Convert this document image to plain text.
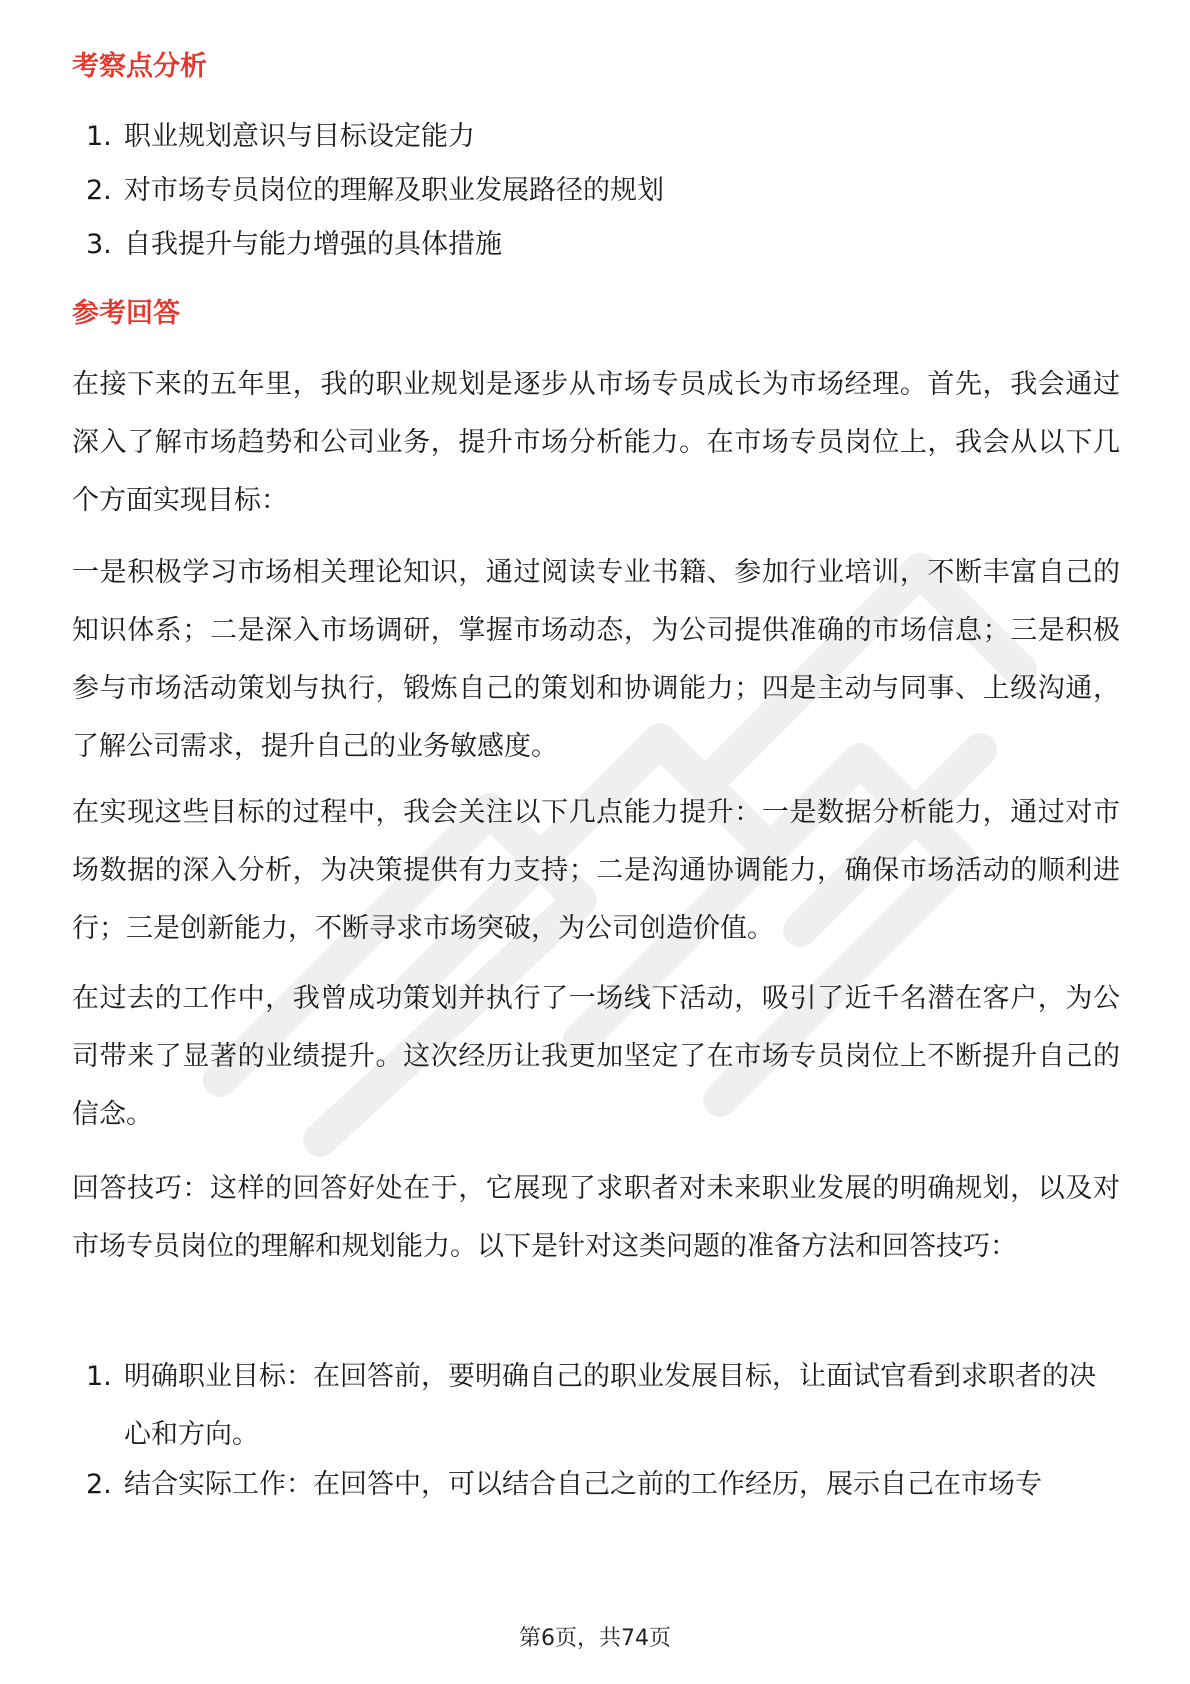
考察点分析
1. 职业规划意识与目标设定能力
2. 对市场专员岗位的理解及职业发展路径的规划
3. 自我提升与能力增强的具体措施
参考回答
在接下来的五年里，我的职业规划是逐步从市场专员成长为市场经理。首先，我会通过深入了解市场趋势和公司业务，提升市场分析能力。在市场专员岗位上，我会从以下几个方面实现目标：
一是积极学习市场相关理论知识，通过阅读专业书籍、参加行业培训，不断丰富自己的知识体系；二是深入市场调研，掌握市场动态，为公司提供准确的市场信息；三是积极参与市场活动策划与执行，锻炼自己的策划和协调能力；四是主动与同事、上级沟通，了解公司需求，提升自己的业务敏感度。
在实现这些目标的过程中，我会关注以下几点能力提升：一是数据分析能力，通过对市场数据的深入分析，为决策提供有力支持；二是沟通协调能力，确保市场活动的顺利进行；三是创新能力，不断寻求市场突破，为公司创造价值。
在过去的工作中，我曾成功策划并执行了一场线下活动，吸引了近千名潜在客户，为公司带来了显著的业绩提升。这次经历让我更加坚定了在市场专员岗位上不断提升自己的信念。
回答技巧：这样的回答好处在于，它展现了求职者对未来职业发展的明确规划，以及对市场专员岗位的理解和规划能力。以下是针对这类问题的准备方法和回答技巧：
1. 明确职业目标：在回答前，要明确自己的职业发展目标，让面试官看到求职者的决心和方向。
2. 结合实际工作：在回答中，可以结合自己之前的工作经历，展示自己在市场专
第6页，共74页
